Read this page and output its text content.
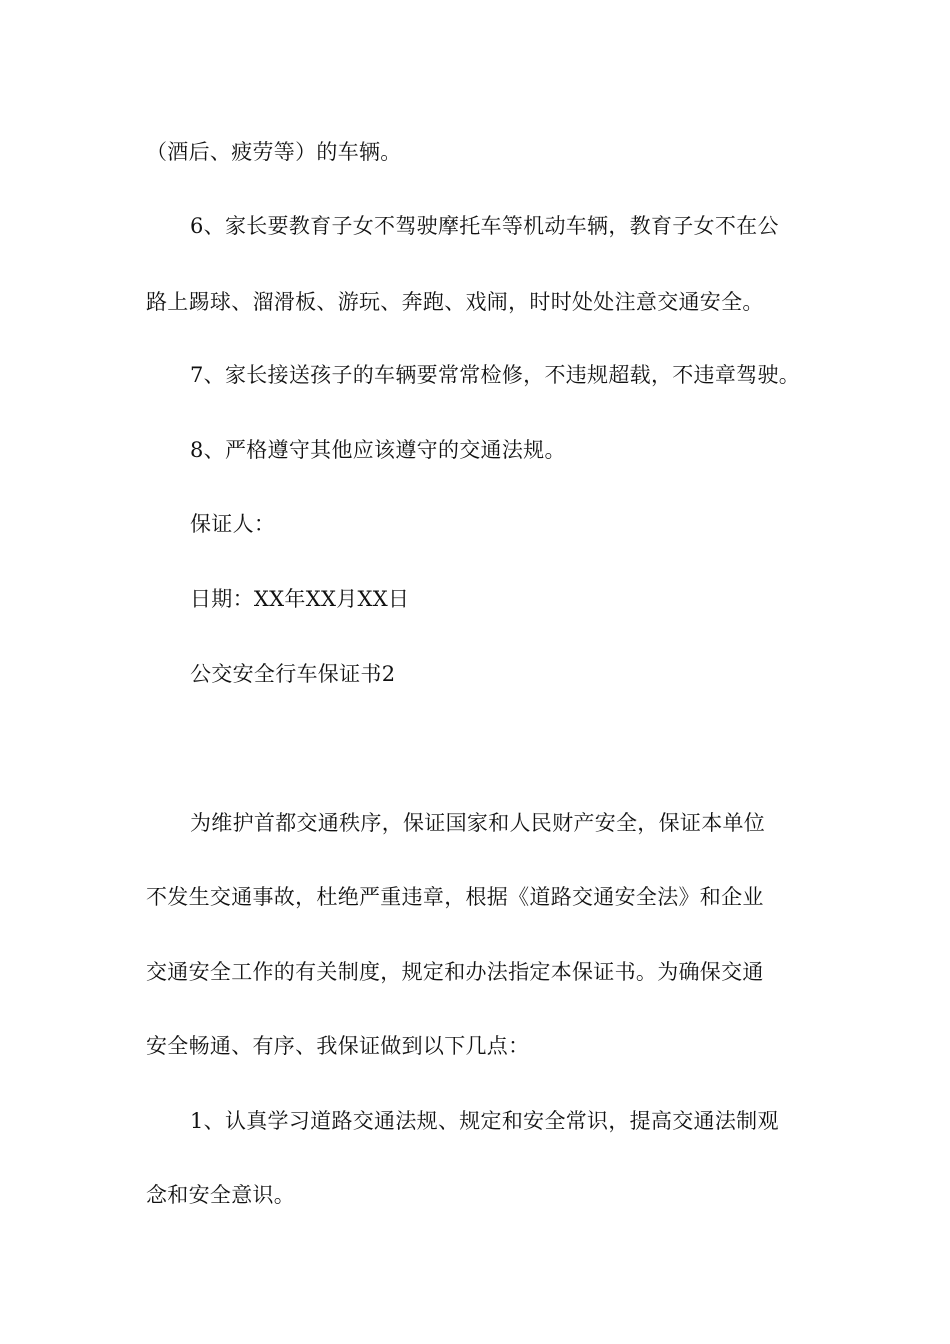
（酒后、疲劳等）的车辆。
6、家长要教育子女不驾驶摩托车等机动车辆，教育子女不在公
路上踢球、溜滑板、游玩、奔跑、戏闹，时时处处注意交通安全。
7、家长接送孩子的车辆要常常检修，不违规超载，不违章驾驶。
8、严格遵守其他应该遵守的交通法规。
保证人：
日期：XX年XX月XX日
公交安全行车保证书2
为维护首都交通秩序，保证国家和人民财产安全，保证本单位
不发生交通事故，杜绝严重违章，根据《道路交通安全法》和企业
交通安全工作的有关制度，规定和办法指定本保证书。为确保交通
安全畅通、有序、我保证做到以下几点：
1、认真学习道路交通法规、规定和安全常识，提高交通法制观
念和安全意识。
